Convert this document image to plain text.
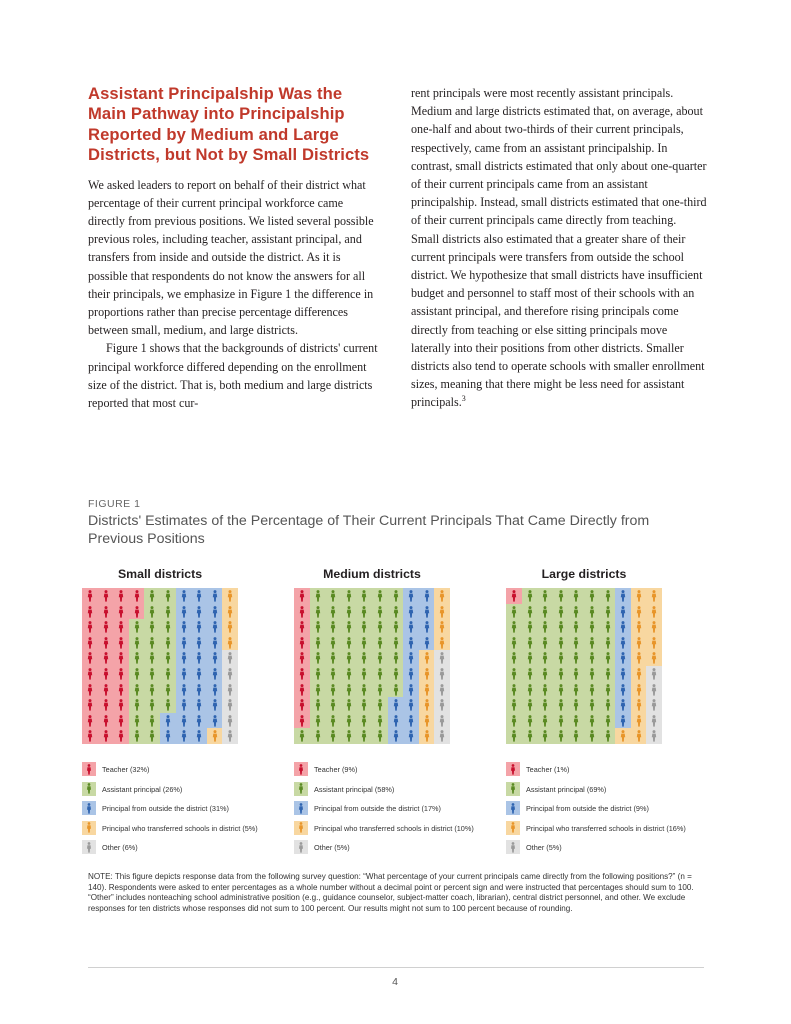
Assistant Principalship Was the Main Pathway into Principalship Reported by Medium and Large Districts, but Not by Small Districts

We asked leaders to report on behalf of their district what percentage of their current principal workforce came directly from previous positions. We listed several possible previous roles, including teacher, assistant principal, and transfers from inside and outside the district. As it is possible that respondents do not know the answers for all their principals, we emphasize in Figure 1 the difference in proportions rather than precise percentage differences between small, medium, and large districts.

Figure 1 shows that the backgrounds of districts' current principal workforce differed depending on the enrollment size of the district. That is, both medium and large districts reported that most cur-

rent principals were most recently assistant principals. Medium and large districts estimated that, on average, about one-half and about two-thirds of their current principals, respectively, came from an assistant principalship. In contrast, small districts estimated that only about one-quarter of their current principals came from an assistant principalship. Instead, small districts estimated that one-third of their current principals came directly from teaching. Small districts also estimated that a greater share of their current principals were transfers from outside the school district. We hypothesize that small districts have insufficient budget and personnel to staff most of their schools with an assistant principal, and therefore rising principals come directly from teaching or else sitting principals move laterally into their positions from other districts. Smaller districts also tend to operate schools with smaller enrollment sizes, meaning that there might be less need for assistant principals.$^3$

FIGURE 1
Districts' Estimates of the Percentage of Their Current Principals That Came Directly from Previous Positions
Small districts
Teacher (32%)
Assistant principal (26%)
Principal from outside the district (31%)
Principal who transferred schools in district (5%)
Other (6%)
Medium districts
Teacher (9%)
Assistant principal (58%)
Principal from outside the district (17%)
Principal who transferred schools in district (10%)
Other (5%)
Large districts
Teacher (1%)
Assistant principal (69%)
Principal from outside the district (9%)
Principal who transferred schools in district (16%)
Other (5%)
NOTE: This figure depicts response data from the following survey question: “What percentage of your current principals came directly from the following positions?” (n = 140). Respondents were asked to enter percentages as a whole number without a decimal point or percent sign and were instructed that percentages should sum to 100. “Other” includes nonteaching school administrative position (e.g., guidance counselor, subject-matter coach, librarian), central district personnel, and other. We exclude responses for ten districts whose responses did not sum to 100 percent. Our results might not sum to 100 percent because of rounding.
4
